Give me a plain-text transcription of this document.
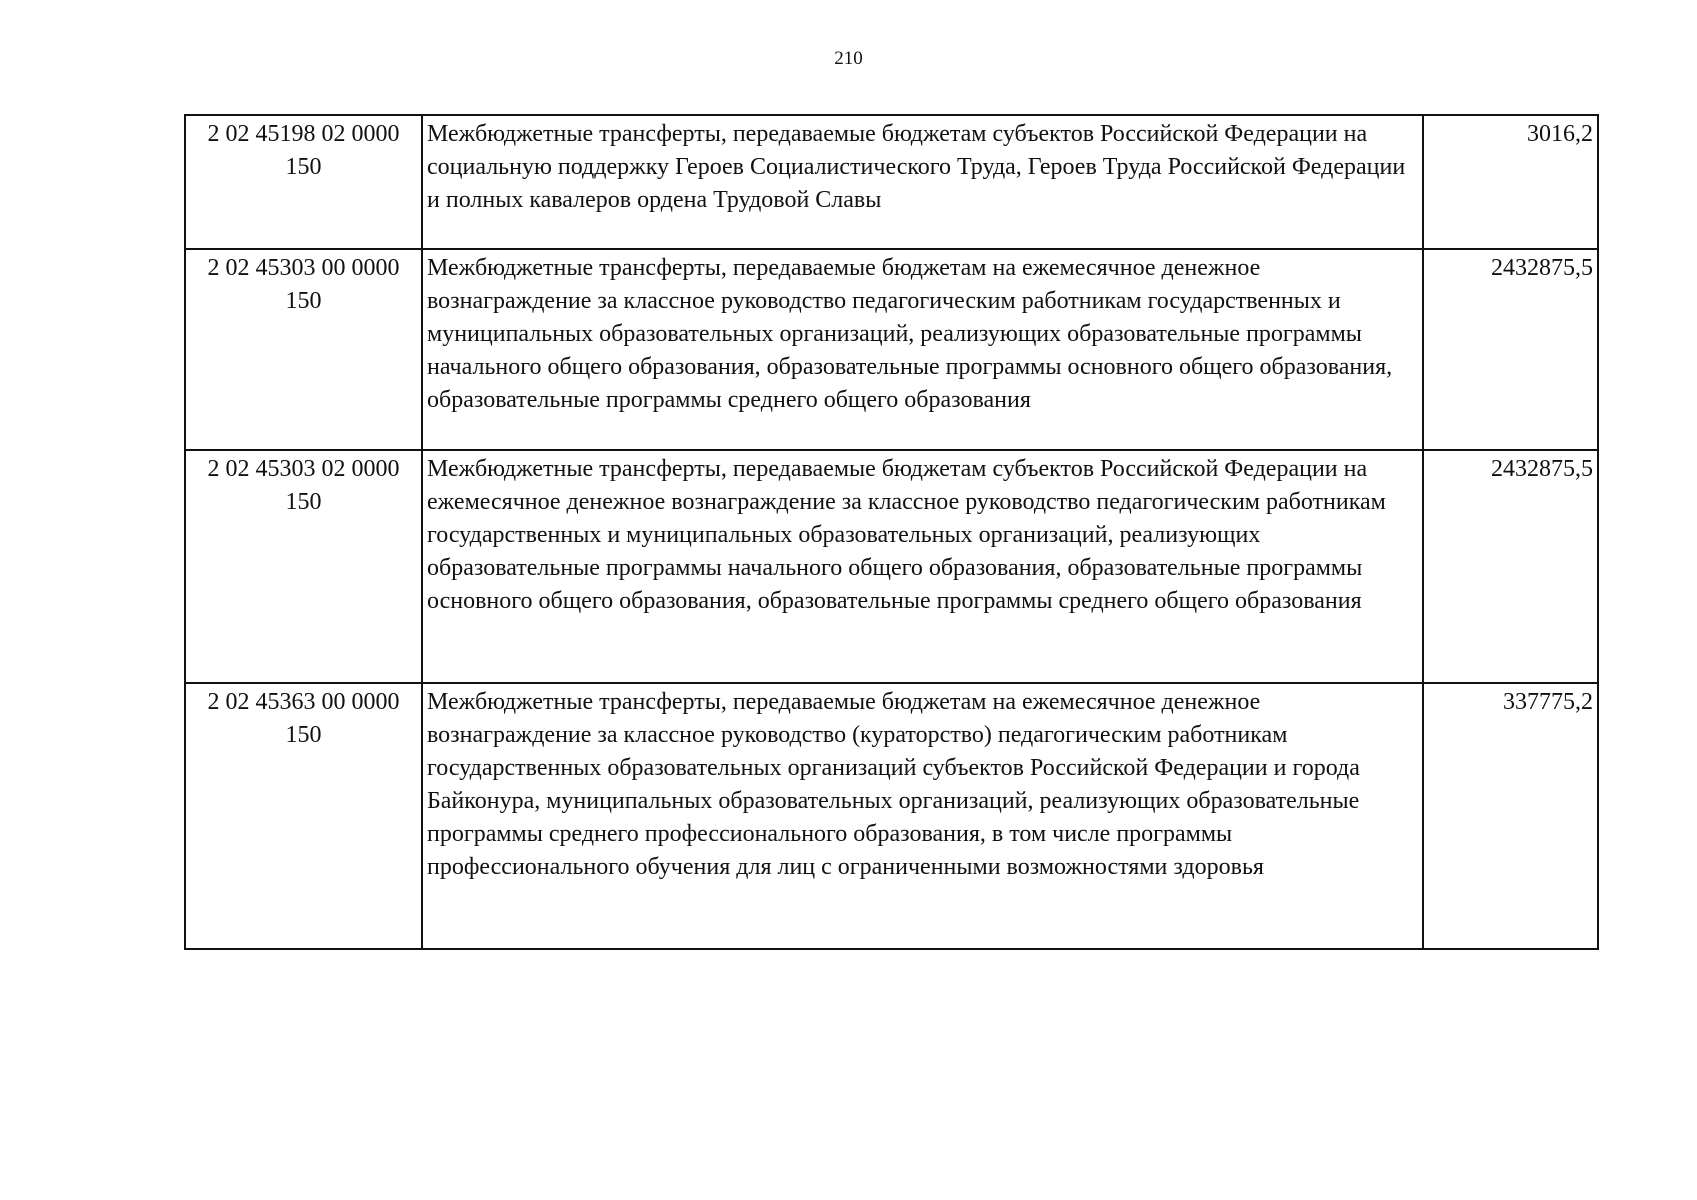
210
2 02 45198 02 0000
150	Межбюджетные трансферты, передаваемые бюджетам субъектов Российской Федерации на социальную поддержку Героев Социалистического Труда, Героев Труда Российской Федерации и полных кавалеров ордена Трудовой Славы	3016,2

2 02 45303 00 0000
150	Межбюджетные трансферты, передаваемые бюджетам на ежемесячное денежное вознаграждение за классное руководство педагогическим работникам государственных и муниципальных образовательных организаций, реализующих образовательные программы начального общего образования, образовательные программы основного общего образования, образовательные программы среднего общего образования	2432875,5

2 02 45303 02 0000
150	Межбюджетные трансферты, передаваемые бюджетам субъектов Российской Федерации на ежемесячное денежное вознаграждение за классное руководство педагогическим работникам государственных и муниципальных образовательных организаций, реализующих образовательные программы начального общего образования, образовательные программы основного общего образования, образовательные программы среднего общего образования	2432875,5

2 02 45363 00 0000
150	Межбюджетные трансферты, передаваемые бюджетам на ежемесячное денежное вознаграждение за классное руководство (кураторство) педагогическим работникам государственных образовательных организаций субъектов Российской Федерации и города Байконура, муниципальных образовательных организаций, реализующих образовательные программы среднего профессионального образования, в том числе программы профессионального обучения для лиц с ограниченными возможностями здоровья	337775,2
